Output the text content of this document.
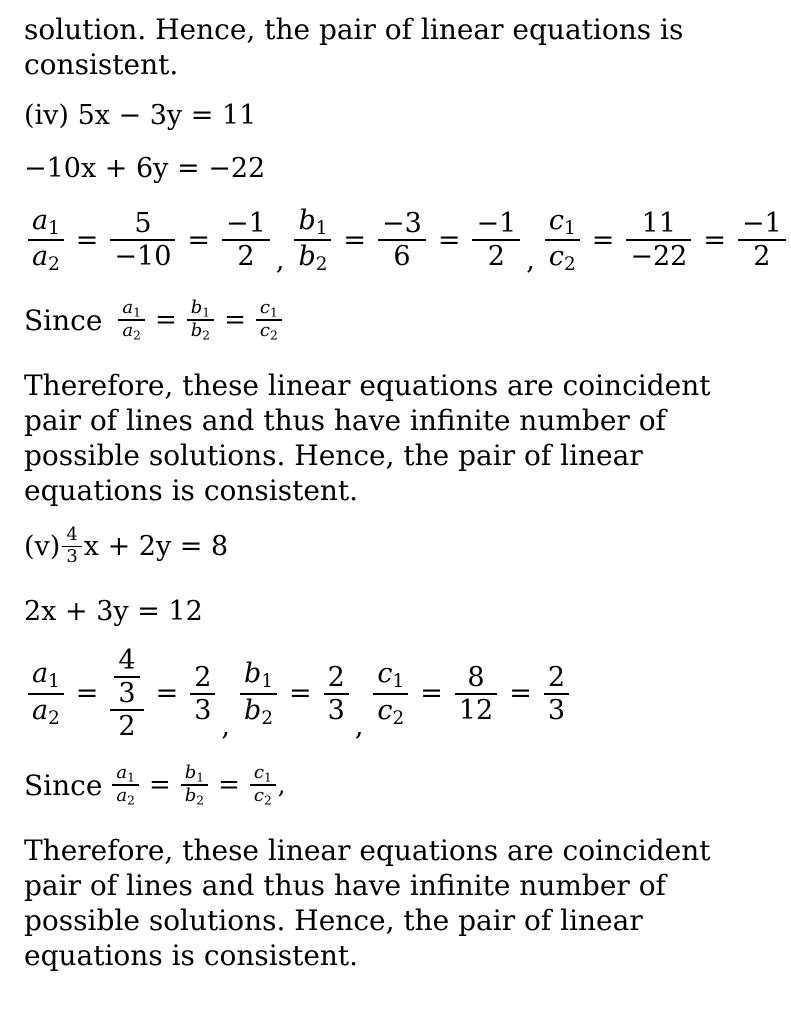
solution. Hence, the pair of linear equations is consistent.
(iv) 5x − 3y = 11
−10x + 6y = −22
$\frac{a_1}{a_2} = \frac{5}{-10} = \frac{-1}{2}$ , $\frac{b_1}{b_2} = \frac{-3}{6} = \frac{-1}{2}$ , $\frac{c_1}{c_2} = \frac{11}{-22} = \frac{-1}{2}$
Since $\frac{a_1}{a_2} = \frac{b_1}{b_2} = \frac{c_1}{c_2}$
Therefore, these linear equations are coincident pair of lines and thus have infinite number of possible solutions. Hence, the pair of linear equations is consistent.
$(v) \frac{4}{3}$ x + 2y = 8
2x + 3y = 12
$\frac{a_1}{a_2} = \frac{\frac{4}{3}}{2} = \frac{2}{3}$
, $\frac{b_1}{b_2} = \frac{2}{3}$
, $\frac{c_1}{c_2} = \frac{8}{12} = \frac{2}{3}$
Since $\frac{a_1}{a_2} = \frac{b_1}{b_2} = \frac{c_1}{c_2}$ ,
Therefore, these linear equations are coincident pair of lines and thus have infinite number of possible solutions. Hence, the pair of linear equations is consistent.
